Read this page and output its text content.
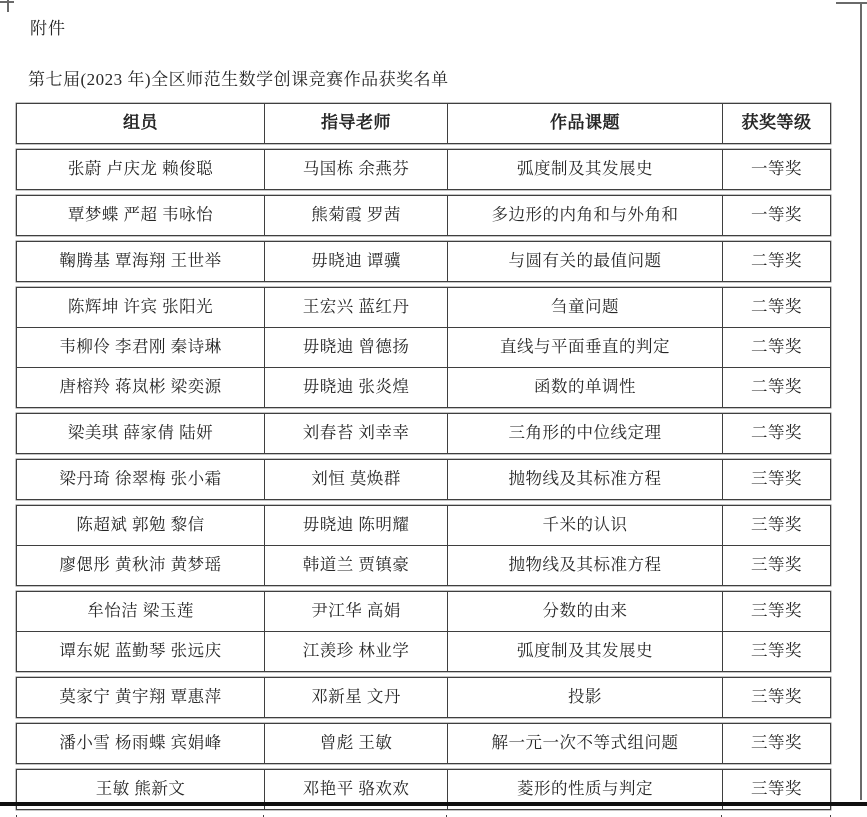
附件
第七届(2023 年)全区师范生数学创课竞赛作品获奖名单
组员	指导老师	作品课题	获奖等级
张蔚 卢庆龙 赖俊聪	马国栋 余燕芬	弧度制及其发展史	一等奖
覃梦蝶 严超 韦咏怡	熊菊霞 罗茜	多边形的内角和与外角和	一等奖
鞠腾基 覃海翔 王世举	毋晓迪 谭骥	与圆有关的最值问题	二等奖
陈辉坤 许宾 张阳光	王宏兴 蓝红丹	刍童问题	二等奖
韦柳伶 李君刚 秦诗琳	毋晓迪 曾德扬	直线与平面垂直的判定	二等奖
唐榕羚 蒋岚彬 梁奕源	毋晓迪 张炎煌	函数的单调性	二等奖
梁美琪 薛家倩 陆妍	刘春苔 刘幸幸	三角形的中位线定理	二等奖
梁丹琦 徐翠梅 张小霜	刘恒 莫焕群	抛物线及其标准方程	三等奖
陈超斌 郭勉 黎信	毋晓迪 陈明耀	千米的认识	三等奖
廖偲彤 黄秋沛 黄梦瑶	韩道兰 贾镇豪	抛物线及其标准方程	三等奖
牟怡洁 梁玉莲	尹江华 高娟	分数的由来	三等奖
谭东妮 蓝勤琴 张远庆	江羡珍 林业学	弧度制及其发展史	三等奖
莫家宁 黄宇翔 覃惠萍	邓新星 文丹	投影	三等奖
潘小雪 杨雨蝶 宾娟峰	曾彪 王敏	解一元一次不等式组问题	三等奖
王敏 熊新文	邓艳平 骆欢欢	菱形的性质与判定	三等奖
